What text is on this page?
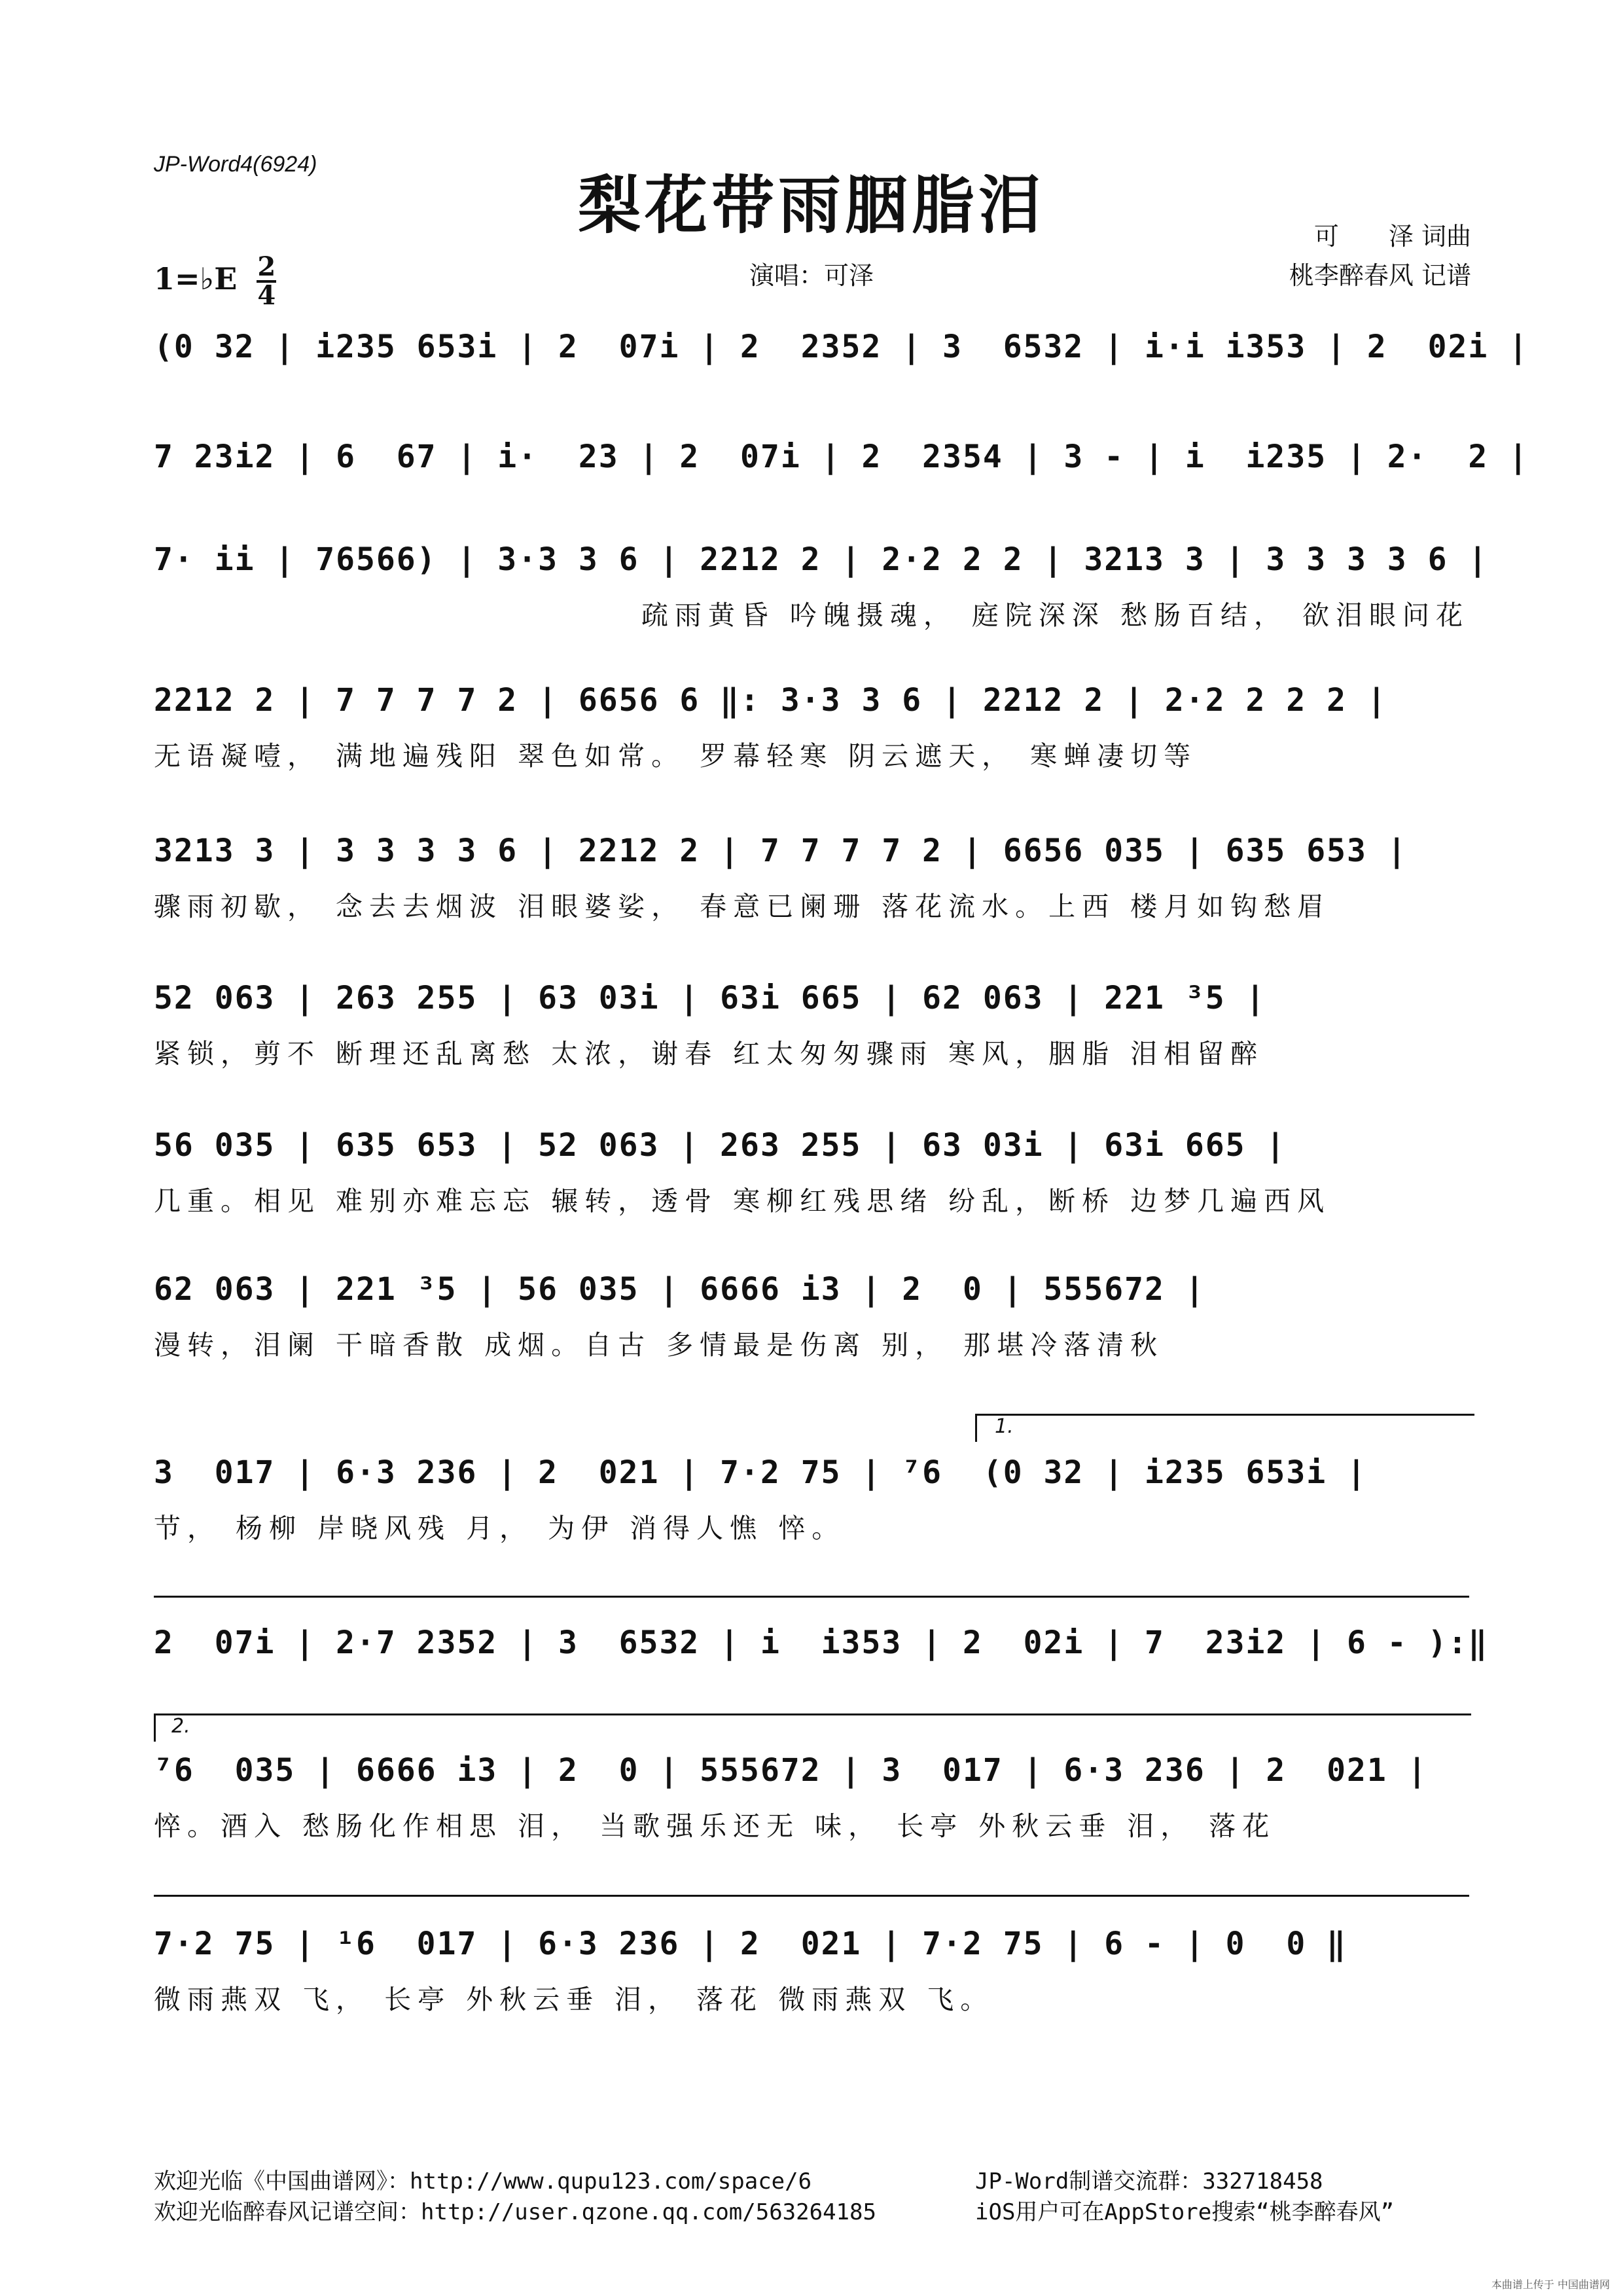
JP-Word4(6924)
梨花带雨胭脂泪	可　　泽 词曲
桃李醉春风 记谱
1=♭E $\frac{2}{4}$	演唱：可泽
(0 32 | i235 653i | 2  07i | 2  2352 | 3  6532 | i·i i353 | 2  02i |
7 23i2 | 6  67 | i·  23 | 2  07i | 2  2354 | 3 - | i  i235 | 2·  2 |
7· ii | 76566) | 3·3 3 6 | 2212 2 | 2·2 2 2 | 3213 3 | 3 3 3 3 6 |
疏雨黄昏 吟魄摄魂， 庭院深深 愁肠百结， 欲泪眼问花
2212 2 | 7 7 7 7 2 | 6656 6 ‖: 3·3 3 6 | 2212 2 | 2·2 2 2 2 |
无语凝噎， 满地遍残阳 翠色如常。 罗幕轻寒 阴云遮天， 寒蝉凄切等
3213 3 | 3 3 3 3 6 | 2212 2 | 7 7 7 7 2 | 6656 035 | 635 653 |
骤雨初歇， 念去去烟波 泪眼婆娑， 春意已阑珊 落花流水。上西 楼月如钩愁眉
52 063 | 263 255 | 63 03i | 63i 665 | 62 063 | 221 ³5 |
紧锁，剪不 断理还乱离愁 太浓，谢春 红太匆匆骤雨 寒风，胭脂 泪相留醉
56 035 | 635 653 | 52 063 | 263 255 | 63 03i | 63i 665 |
几重。相见 难别亦难忘忘 辗转，透骨 寒柳红残思绪 纷乱，断桥 边梦几遍西风
62 063 | 221 ³5 | 56 035 | 6666 i3 | 2  0 | 555672 |
漫转，泪阑 干暗香散 成烟。自古 多情最是伤离 别， 那堪冷落清秋
1.
3  017 | 6·3 236 | 2  021 | 7·2 75 | ⁷6  (0 32 | i235 653i |
节， 杨柳 岸晓风残 月， 为伊 消得人憔 悴。
2  07i | 2·7 2352 | 3  6532 | i  i353 | 2  02i | 7  23i2 | 6 - ):‖
2.
⁷6  035 | 6666 i3 | 2  0 | 555672 | 3  017 | 6·3 236 | 2  021 |
悴。酒入 愁肠化作相思 泪， 当歌强乐还无 味， 长亭 外秋云垂 泪， 落花
7·2 75 | ¹6  017 | 6·3 236 | 2  021 | 7·2 75 | 6 - | 0  0 ‖
微雨燕双 飞， 长亭 外秋云垂 泪， 落花 微雨燕双 飞。
欢迎光临《中国曲谱网》：http://www.qupu123.com/space/6
欢迎光临醉春风记谱空间：http://user.qzone.qq.com/563264185
JP-Word制谱交流群：332718458
iOS用户可在AppStore搜索“桃李醉春风”
本曲谱上传于 中国曲谱网
